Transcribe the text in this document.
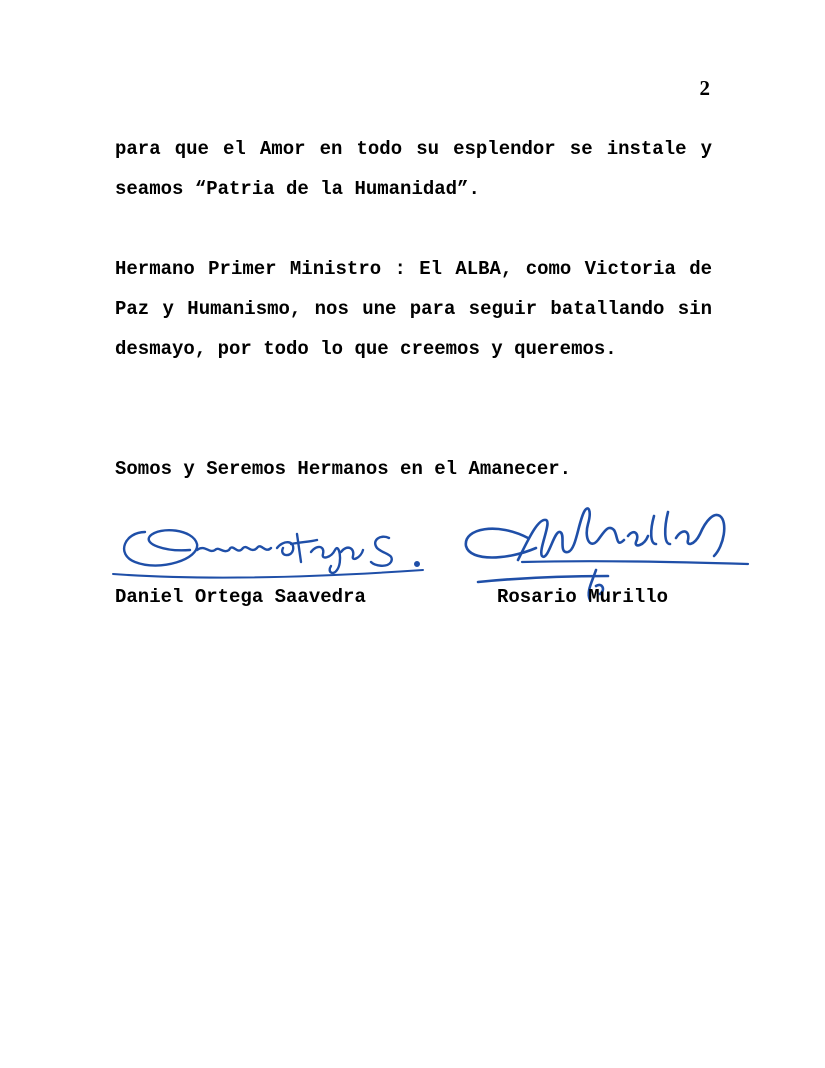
2

para que el Amor en todo su esplendor se instale y seamos “Patria de la Humanidad”.

Hermano Primer Ministro : El ALBA, como Victoria de Paz y Humanismo, nos une para seguir batallando sin desmayo, por todo lo que creemos y queremos.

Somos y Seremos Hermanos en el Amanecer.

Daniel Ortega Saavedra	Rosario Murillo
